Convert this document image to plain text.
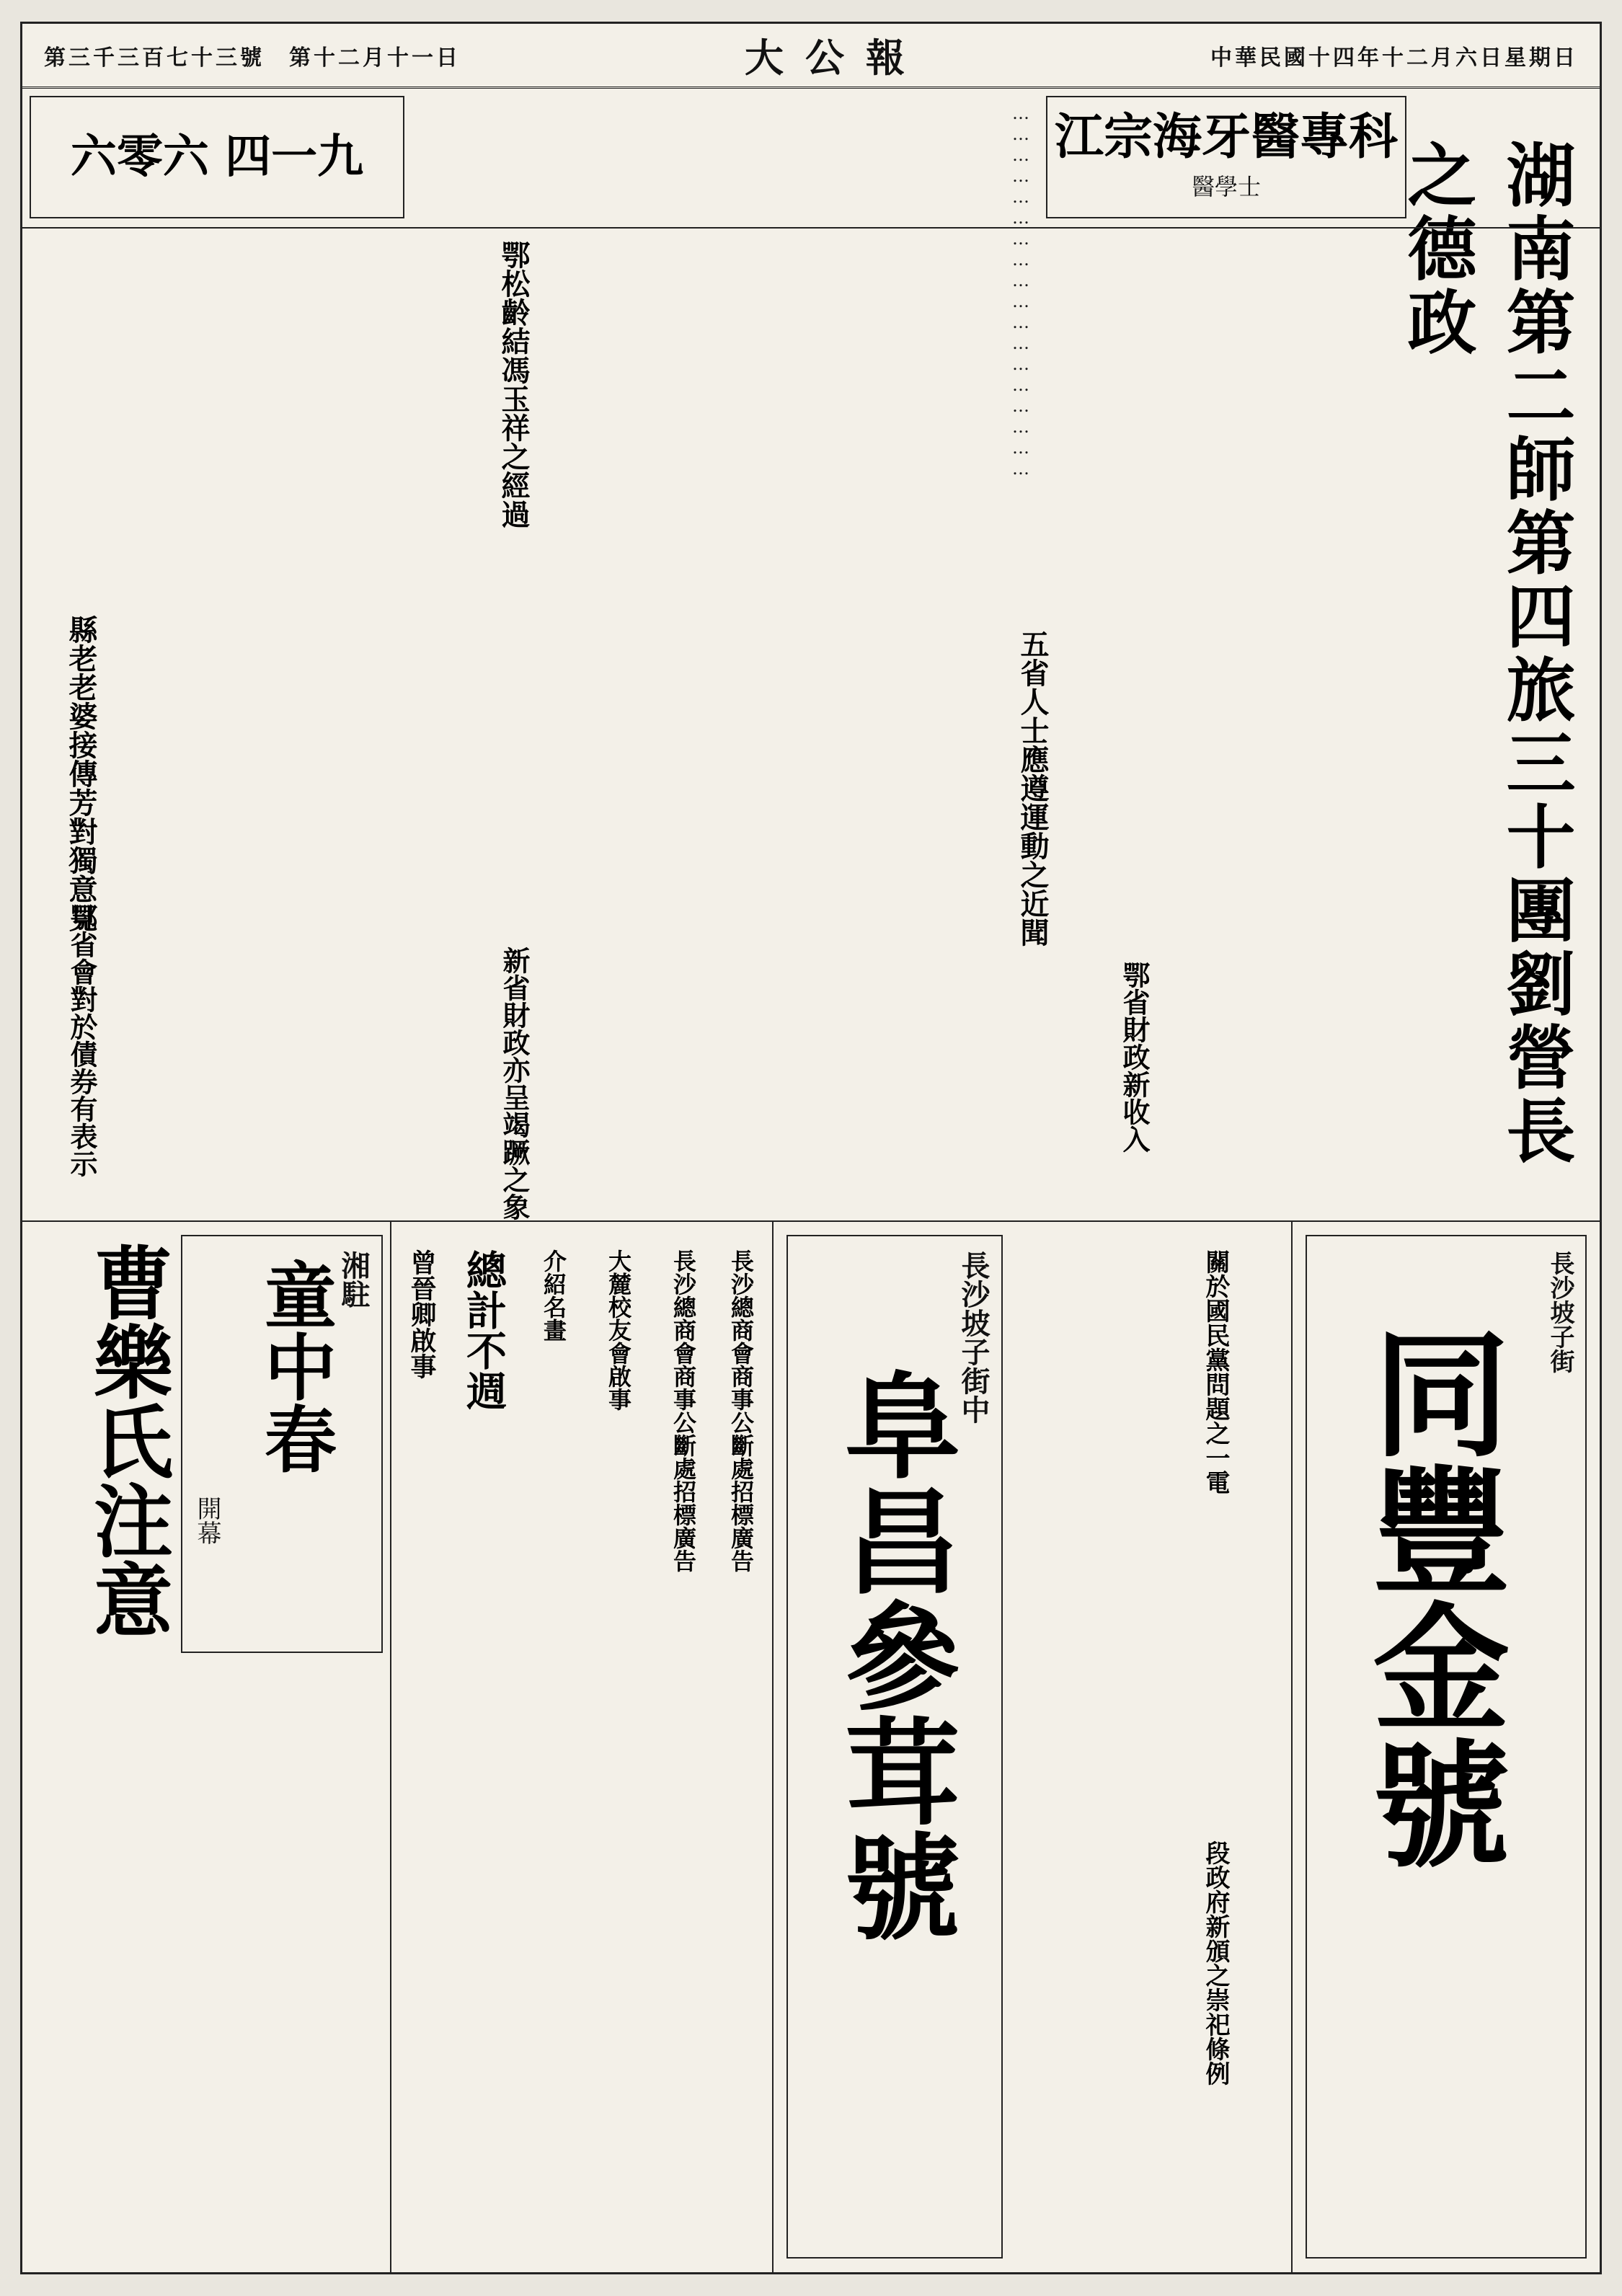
第三千三百七十三號　第十二月十一日	大公報	中華民國十四年十二月六日星期日
六零六 四一九	江宗海牙醫專科
醫學士	湖南第二師第四旅三十團劉營長之德政
………………………………………………
縣老老婆接傳芳對獨意見
鄂松齡結馮玉祥之經過
五省人士應遵運動之近聞
鄂省會對於債券有表示	新省財政亦呈竭蹶之象	鄂省財政新收入
長沙坡子街
同豐金號
關於國民黨問題之一電
段政府新頒之崇祀條例
長沙坡子街中
阜昌參茸號
長沙總商會商事公斷處招標廣告
長沙總商會商事公斷處招標廣告
大麓校友會啟事
介紹名畫
總計不週
曾晉卿啟事
湘駐
童中春
開幕
曹樂氏注意
